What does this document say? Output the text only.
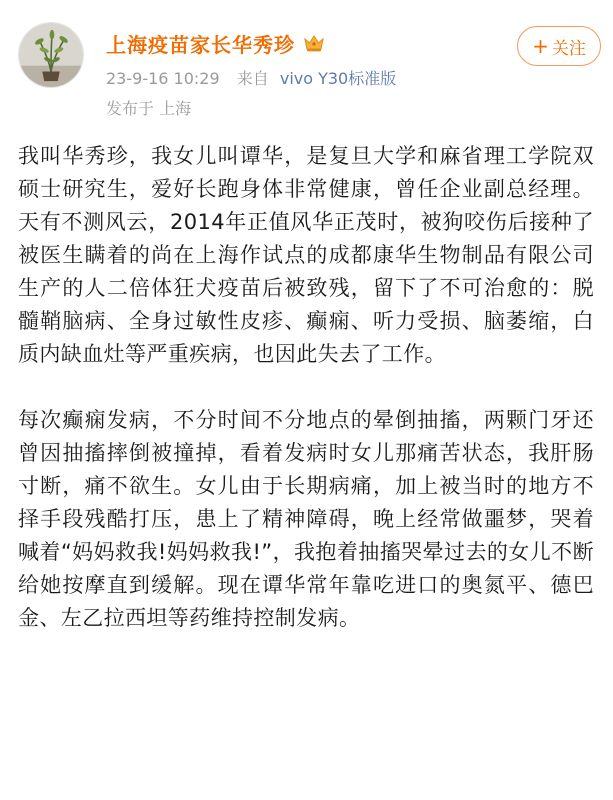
上海疫苗家长华秀珍
23-9-16 10:29 来自 vivo Y30标准版
发布于 上海
+ 关注

我叫华秀珍，我女儿叫谭华，是复旦大学和麻省理工学院双硕士研究生，爱好长跑身体非常健康，曾任企业副总经理。天有不测风云，2014年正值风华正茂时，被狗咬伤后接种了被医生瞒着的尚在上海作试点的成都康华生物制品有限公司生产的人二倍体狂犬疫苗后被致残，留下了不可治愈的：脱髓鞘脑病、全身过敏性皮疹、癫痫、听力受损、脑萎缩，白质内缺血灶等严重疾病，也因此失去了工作。

每次癫痫发病，不分时间不分地点的晕倒抽搐，两颗门牙还曾因抽搐摔倒被撞掉，看着发病时女儿那痛苦状态，我肝肠寸断，痛不欲生。女儿由于长期病痛，加上被当时的地方不择手段残酷打压，患上了精神障碍，晚上经常做噩梦，哭着喊着“妈妈救我!妈妈救我!”，我抱着抽搐哭晕过去的女儿不断给她按摩直到缓解。现在谭华常年靠吃进口的奥氮平、德巴金、左乙拉西坦等药维持控制发病。
